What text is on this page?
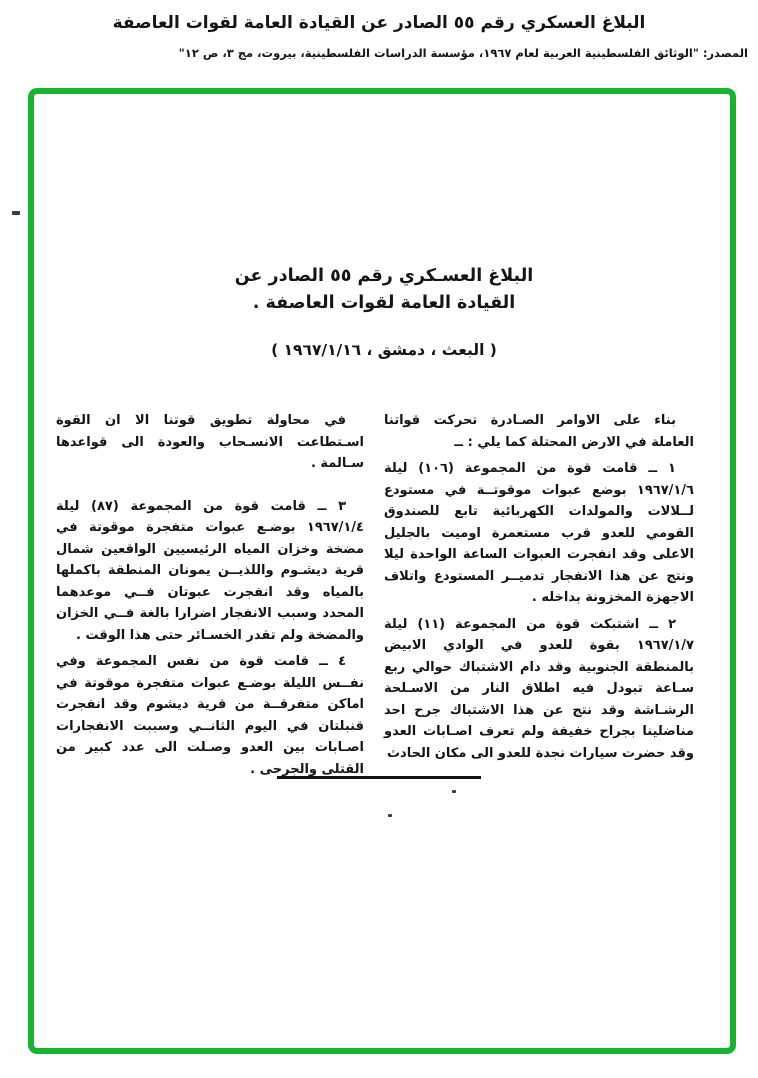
البلاغ العسكري رقم ٥٥ الصادر عن القيادة العامة لقوات العاصفة
المصدر: "الوثائق الفلسطينية العربية لعام ١٩٦٧، مؤسسة الدراسات الفلسطينية، بيروت، مج ٣، ص ١٢"
البلاغ العسـكري رقم ٥٥ الصادر عن
القيادة العامة لقوات العاصفة .
( البعث ، دمشق ، ١٩٦٧/١/١٦ )

بناء على الاوامر الصـادرة تحركت قواتنا العاملة في الارض المحتلة كما يلي : ــ

١ ــ قامت قوة من المجموعة (١٠٦) ليلة ١٩٦٧/١/٦ بوضع عبوات موقوتــة في مستودع لــلالات والمولدات الكهربائية تابع للصندوق القومي للعدو قرب مستعمرة اوميت بالجليل الاعلى وقد انفجرت العبوات الساعة الواحدة ليلا ونتج عن هذا الانفجار تدميــر المستودع واتلاف الاجهزة المخزونة بداخله .

٢ ــ اشتبكت قوة من المجموعة (١١) ليلة ١٩٦٧/١/٧ بقوة للعدو في الوادي الابيض بالمنطقة الجنوبية وقد دام الاشتباك حوالي ربع سـاعة تبودل فيه اطلاق النار من الاسـلحة الرشـاشة وقد نتج عن هذا الاشتباك جرح احد مناضلينا بجراح خفيفة ولم تعرف اصـابات العدو وقد حضرت سيارات نجدة للعدو الى مكان الحادث

في محاولة تطويق قوتنا الا ان القوة اسـتطاعت الانسـحاب والعودة الى قواعدها سـالمة .

٣ ــ قامت قوة من المجموعة (٨٧) ليلة ١٩٦٧/١/٤ بوضـع عبوات متفجرة موقوتة في مضخة وخزان المياه الرئيسيين الواقعين شمال قرية ديشـوم واللذيــن يمونان المنطقة باكملها بالمياه وقد انفجرت عبوتان فــي موعدهما المحدد وسبب الانفجار اضرارا بالغة فــي الخزان والمضخة ولم تقدر الخسـائر حتى هذا الوقت .

٤ ــ قامت قوة من نفس المجموعة وفي نفــس الليلة بوضـع عبوات متفجرة موقوتة في اماكن متفرقــة من قرية ديشوم وقد انفجرت قنبلتان في اليوم الثانــي وسببت الانفجارات اصـابات بين العدو وصـلت الى عدد كبير من القتلى والجرحى .
